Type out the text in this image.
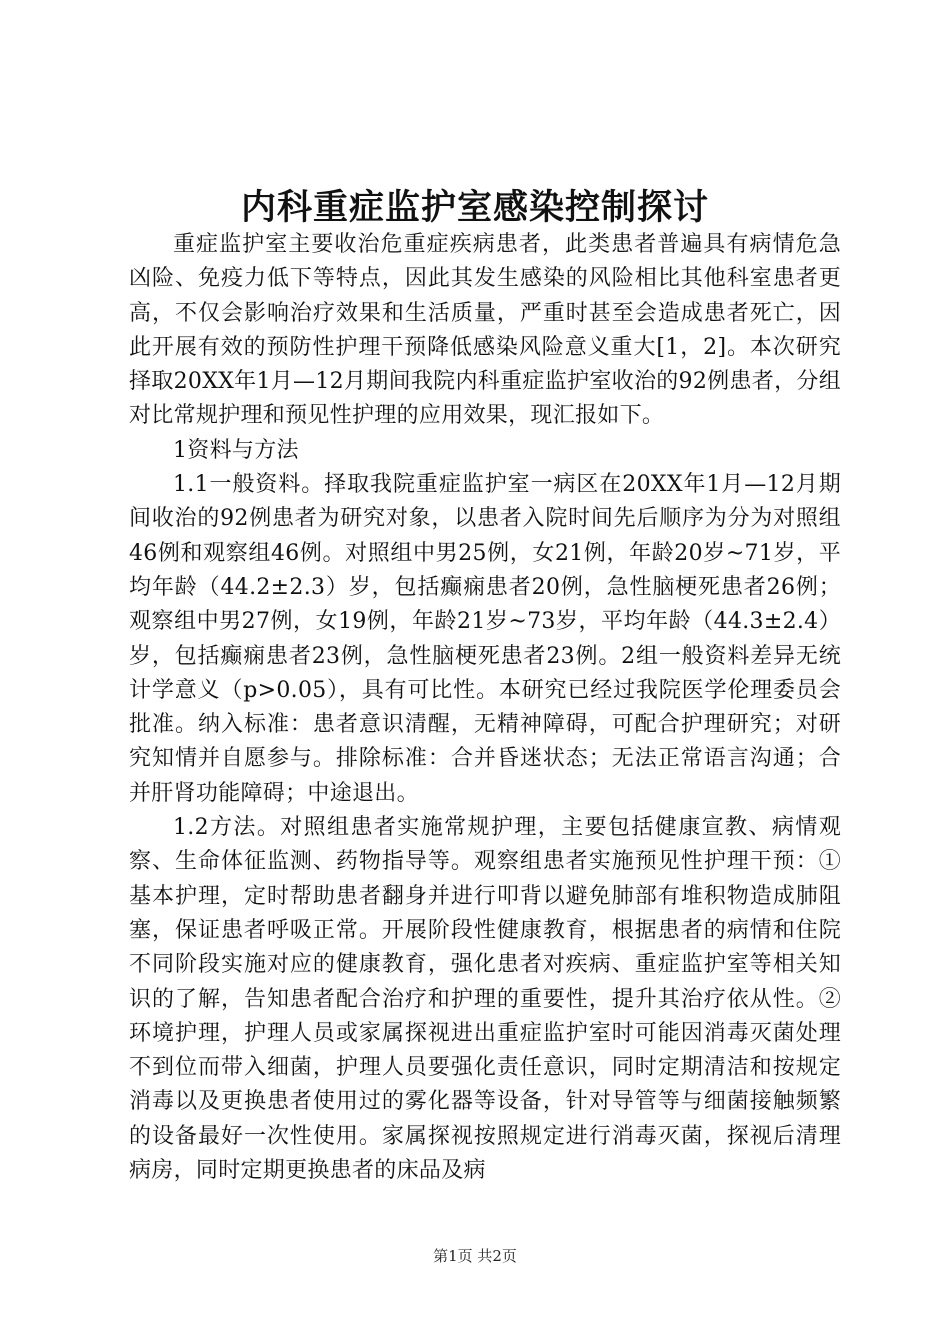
内科重症监护室感染控制探讨

重症监护室主要收治危重症疾病患者，此类患者普遍具有病情危急凶险、免疫力低下等特点，因此其发生感染的风险相比其他科室患者更高，不仅会影响治疗效果和生活质量，严重时甚至会造成患者死亡，因此开展有效的预防性护理干预降低感染风险意义重大[1，2]。本次研究择取20XX年1月—12月期间我院内科重症监护室收治的92例患者，分组对比常规护理和预见性护理的应用效果，现汇报如下。

1资料与方法

1.1一般资料。择取我院重症监护室一病区在20XX年1月—12月期间收治的92例患者为研究对象，以患者入院时间先后顺序为分为对照组46例和观察组46例。对照组中男25例，女21例，年龄20岁~71岁，平均年龄（44.2±2.3）岁，包括癫痫患者20例，急性脑梗死患者26例；观察组中男27例，女19例，年龄21岁~73岁，平均年龄（44.3±2.4）岁，包括癫痫患者23例，急性脑梗死患者23例。2组一般资料差异无统计学意义（p>0.05），具有可比性。本研究已经过我院医学伦理委员会批准。纳入标准：患者意识清醒，无精神障碍，可配合护理研究；对研究知情并自愿参与。排除标准：合并昏迷状态；无法正常语言沟通；合并肝肾功能障碍；中途退出。

1.2方法。对照组患者实施常规护理，主要包括健康宣教、病情观察、生命体征监测、药物指导等。观察组患者实施预见性护理干预：①基本护理，定时帮助患者翻身并进行叩背以避免肺部有堆积物造成肺阻塞，保证患者呼吸正常。开展阶段性健康教育，根据患者的病情和住院不同阶段实施对应的健康教育，强化患者对疾病、重症监护室等相关知识的了解，告知患者配合治疗和护理的重要性，提升其治疗依从性。②环境护理，护理人员或家属探视进出重症监护室时可能因消毒灭菌处理不到位而带入细菌，护理人员要强化责任意识，同时定期清洁和按规定消毒以及更换患者使用过的雾化器等设备，针对导管等与细菌接触频繁的设备最好一次性使用。家属探视按照规定进行消毒灭菌，探视后清理病房，同时定期更换患者的床品及病

第1页 共2页
